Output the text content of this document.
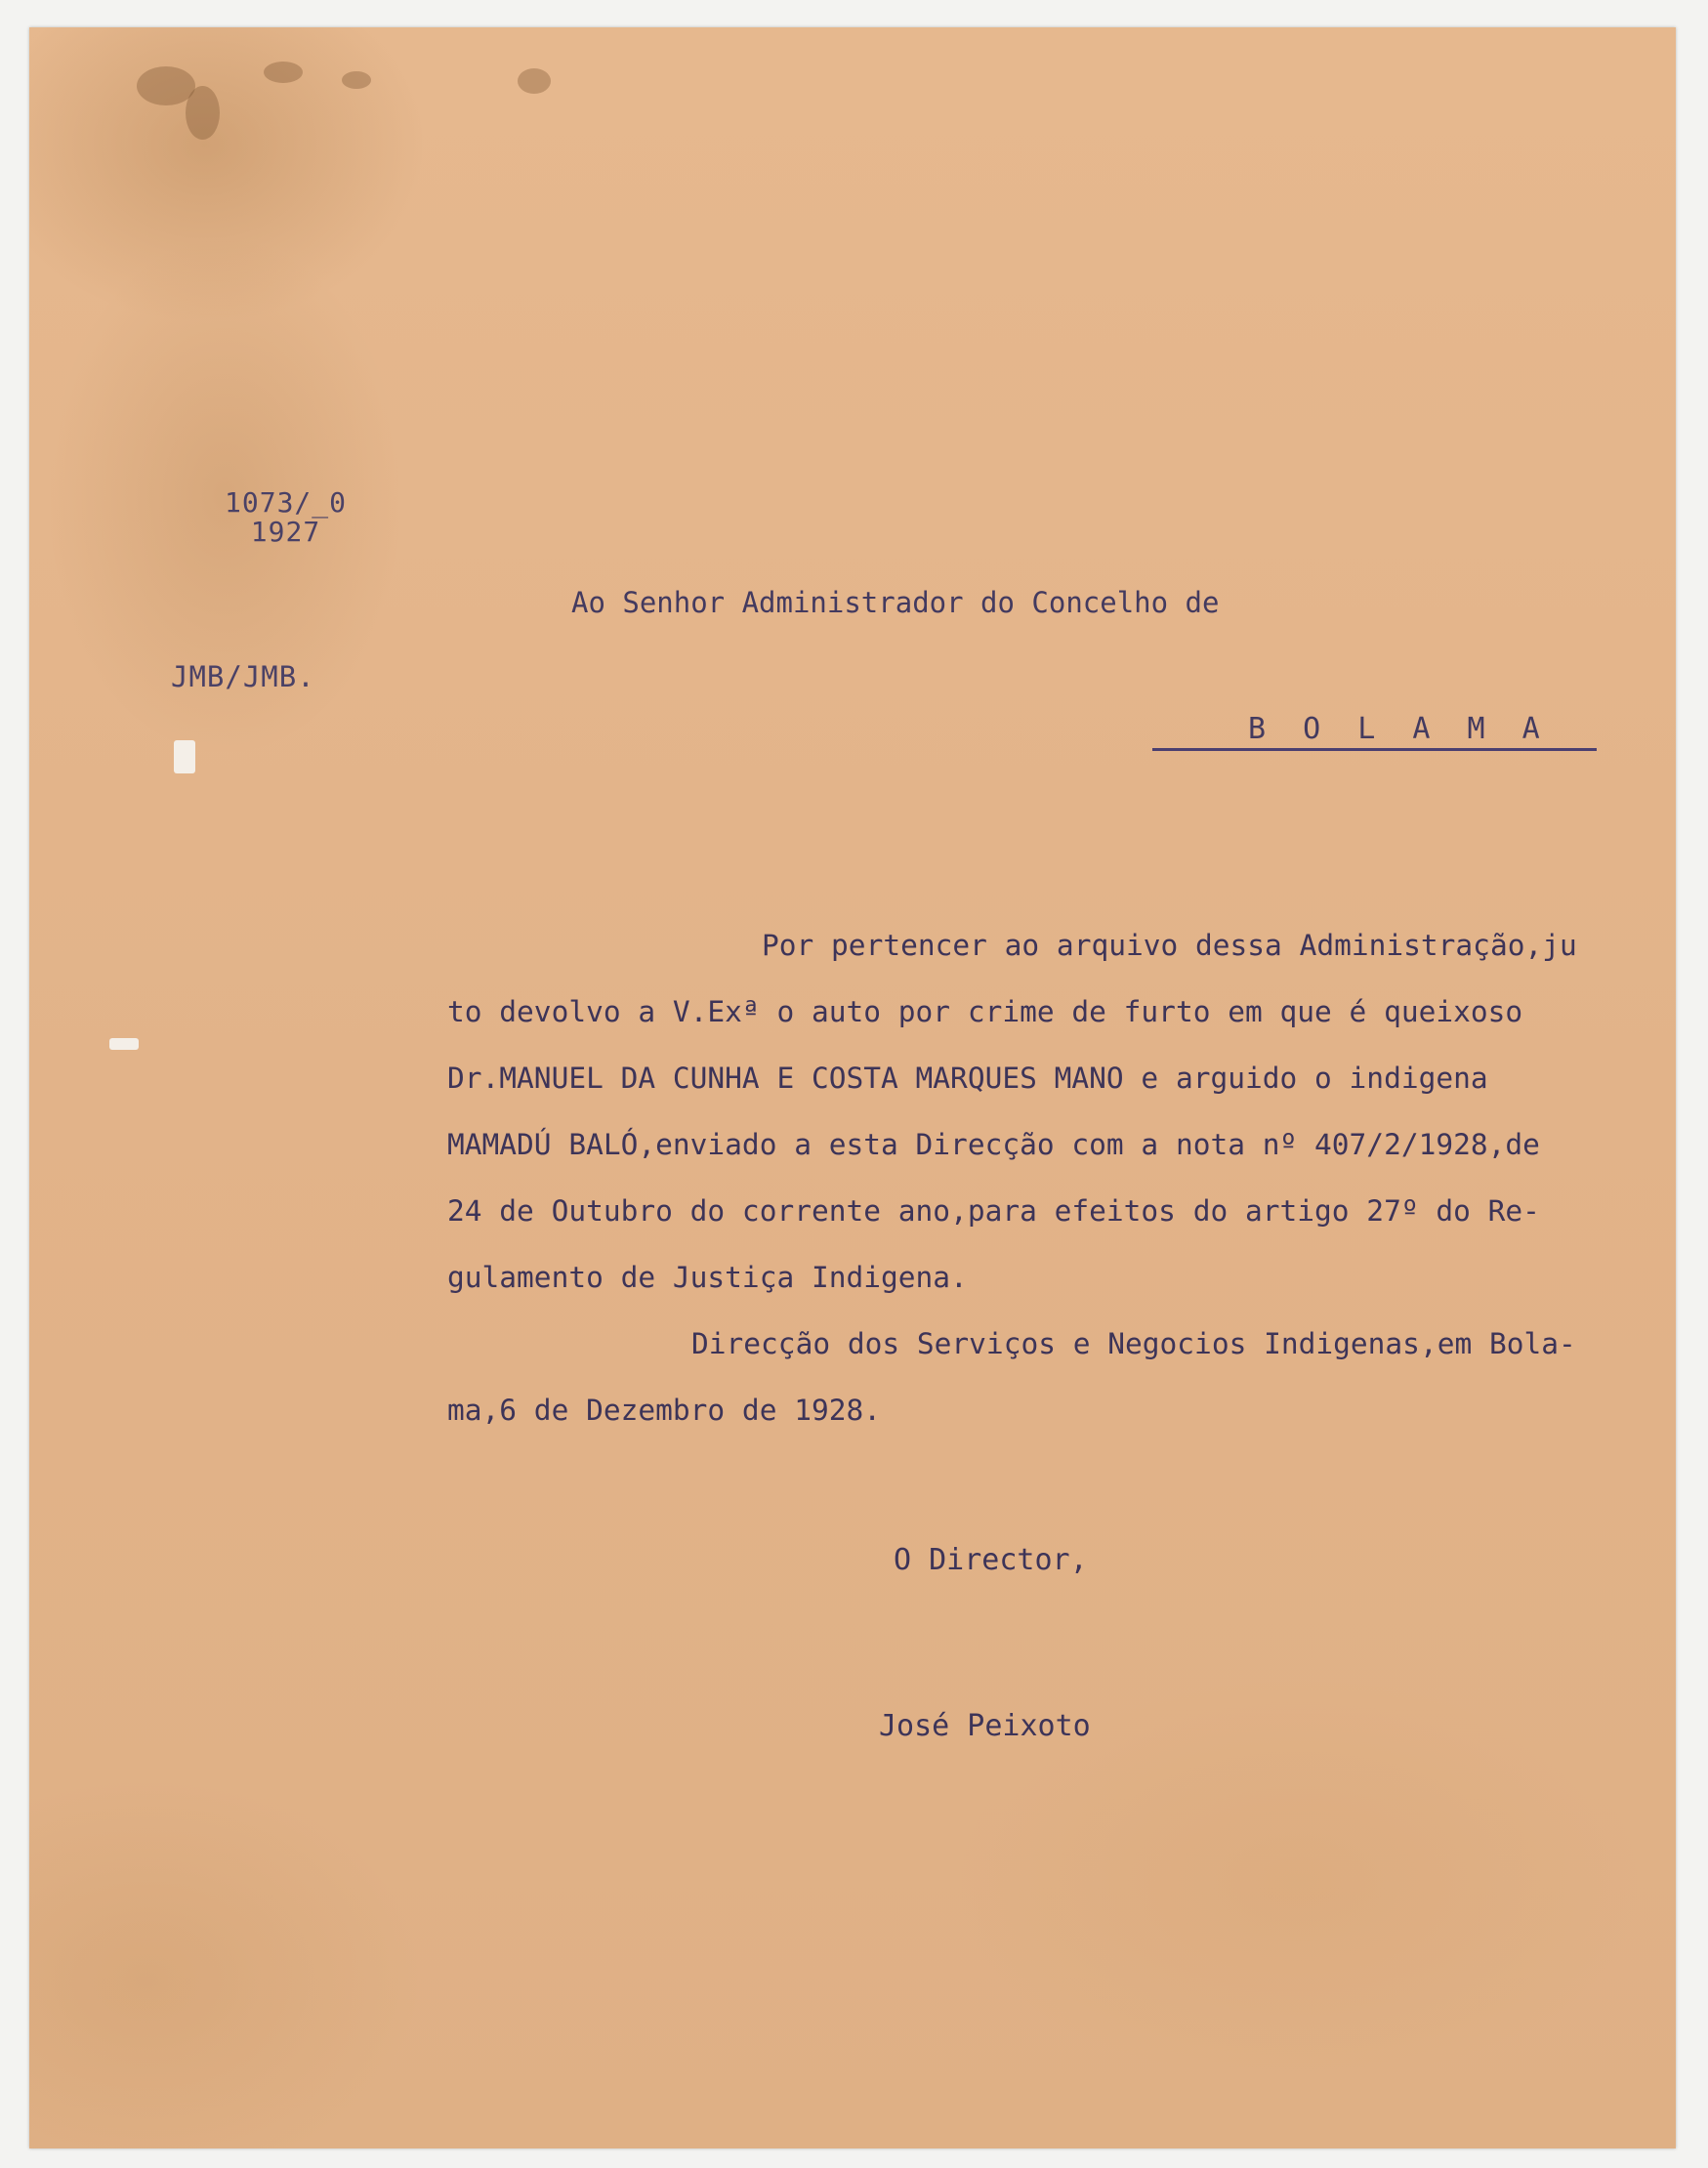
1073/_0
1927
JMB/JMB.
Ao Senhor Administrador do Concelho de
B O L A M A
Por pertencer ao arquivo dessa Administração,ju
to devolvo a V.Exª o auto por crime de furto em que é queixoso
Dr.MANUEL DA CUNHA E COSTA MARQUES MANO e arguido o indigena
MAMADÚ BALÓ,enviado a esta Direcção com a nota nº 407/2/1928,de
24 de Outubro do corrente ano,para efeitos do artigo 27º do Re-
gulamento de Justiça Indigena.
Direcção dos Serviços e Negocios Indigenas,em Bola-
ma,6 de Dezembro de 1928.
O Director,
José Peixoto
